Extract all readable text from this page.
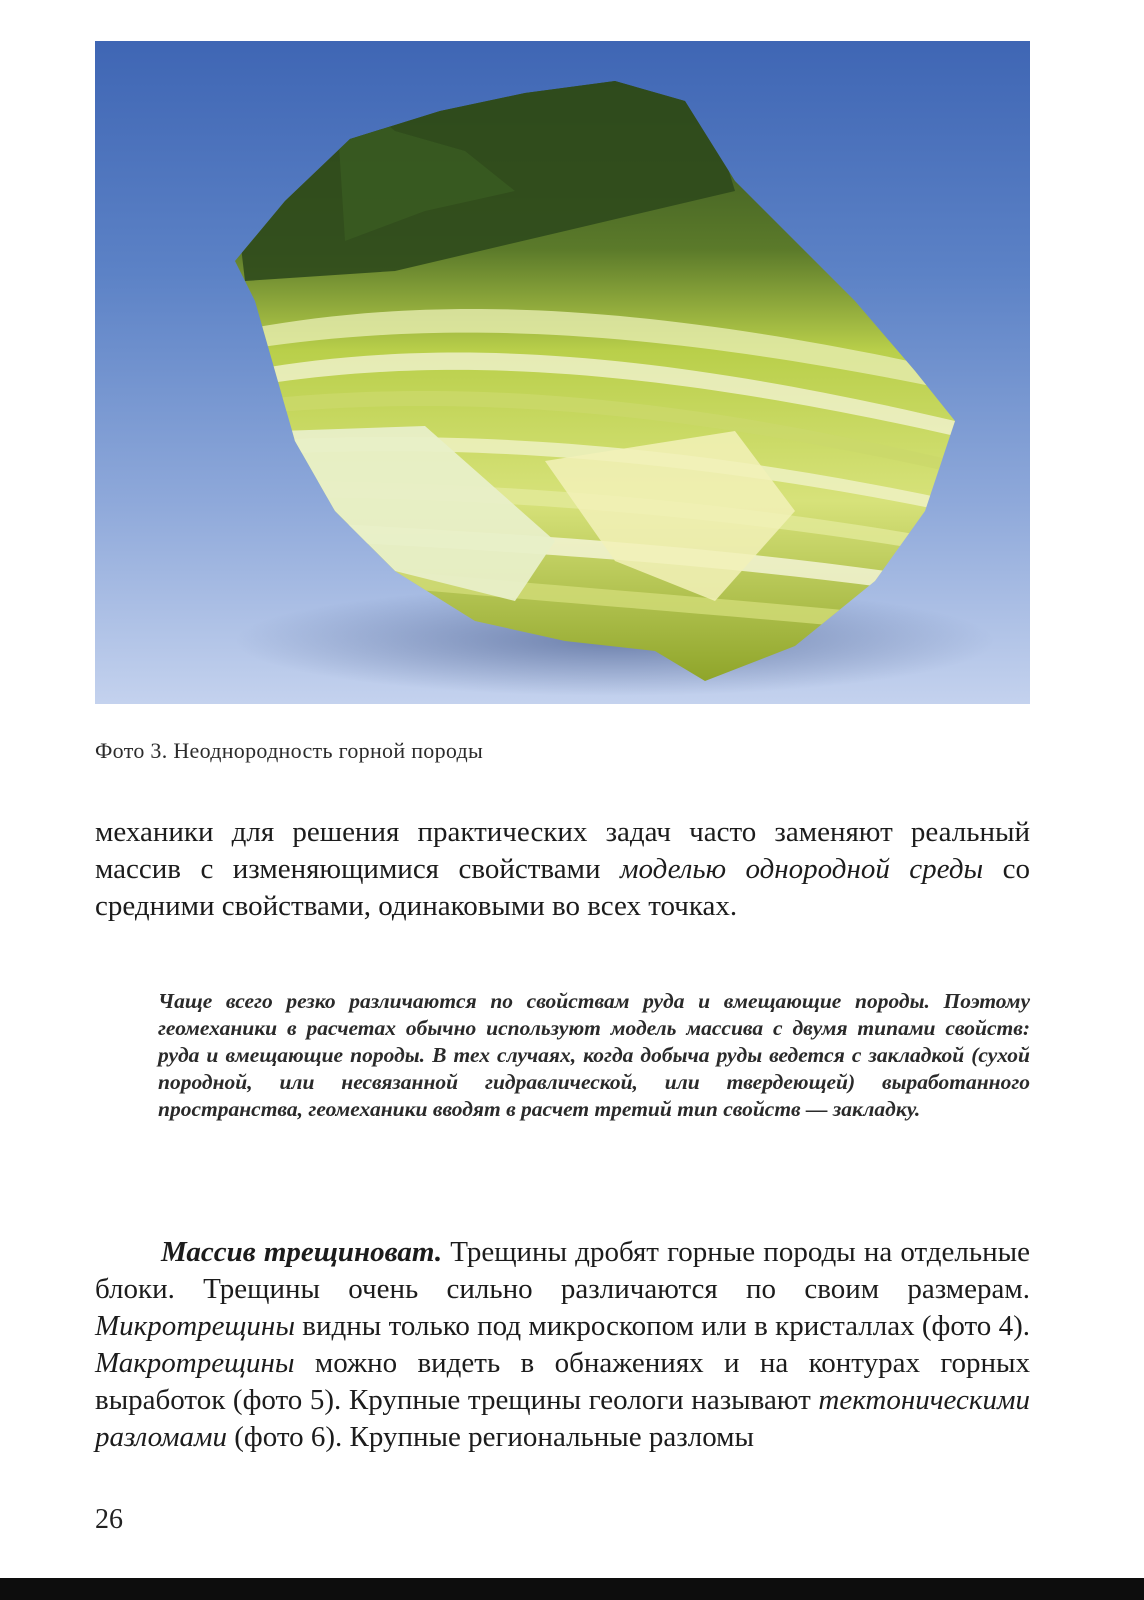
Фото 3. Неоднородность горной породы

механики для решения практических задач часто заменяют реальный массив с изменяющимися свойствами моделью однородной среды со средними свойствами, одинаковыми во всех точках.

Чаще всего резко различаются по свойствам руда и вмещающие породы. Поэтому геомеханики в расчетах обычно используют модель массива с двумя типами свойств: руда и вмещающие породы. В тех случаях, когда добыча руды ведется с закладкой (сухой породной, или несвязанной гидравлической, или твердеющей) выработанного пространства, геомеханики вводят в расчет третий тип свойств — закладку.

Массив трещиноват. Трещины дробят горные породы на отдельные блоки. Трещины очень сильно различаются по своим размерам. Микротрещины видны только под микроскопом или в кристаллах (фото 4). Макротрещины можно видеть в обнажениях и на контурах горных выработок (фото 5). Крупные трещины геологи называют тектоническими разломами (фото 6). Крупные региональные разломы

26
